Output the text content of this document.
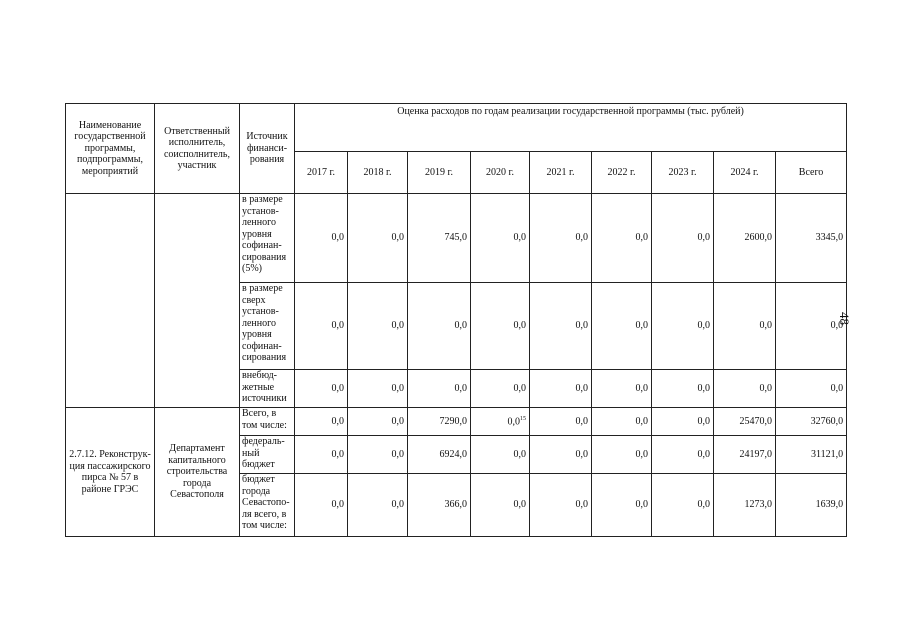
Наименование государственной программы, подпрограммы, мероприятий	Ответственный исполнитель, соисполнитель, участник	Источник финанси-рования	Оценка расходов по годам реализации государственной программы (тыс. рублей)								
			2017 г.	2018 г.	2019 г.	2020 г.	2021 г.	2022 г.	2023 г.	2024 г.	Всего
		в размере установ-ленного уровня софинан-сирования (5%)	0,0	0,0	745,0	0,0	0,0	0,0	0,0	2600,0	3345,0
		в размере сверх установ-ленного уровня софинан-сирования	0,0	0,0	0,0	0,0	0,0	0,0	0,0	0,0	0,0
		внебюд-жетные источники	0,0	0,0	0,0	0,0	0,0	0,0	0,0	0,0	0,0
2.7.12. Реконструк-ция пассажирского пирса № 57 в районе ГРЭС	Департамент капитального строительства города Севастополя	Всего, в том числе:	0,0	0,0	7290,0	$0,0^{15}$	0,0	0,0	0,0	25470,0	32760,0
		федераль-ный бюджет	0,0	0,0	6924,0	0,0	0,0	0,0	0,0	24197,0	31121,0
		бюджет города Севастопо-ля всего, в том числе:	0,0	0,0	366,0	0,0	0,0	0,0	0,0	1273,0	1639,0
48
